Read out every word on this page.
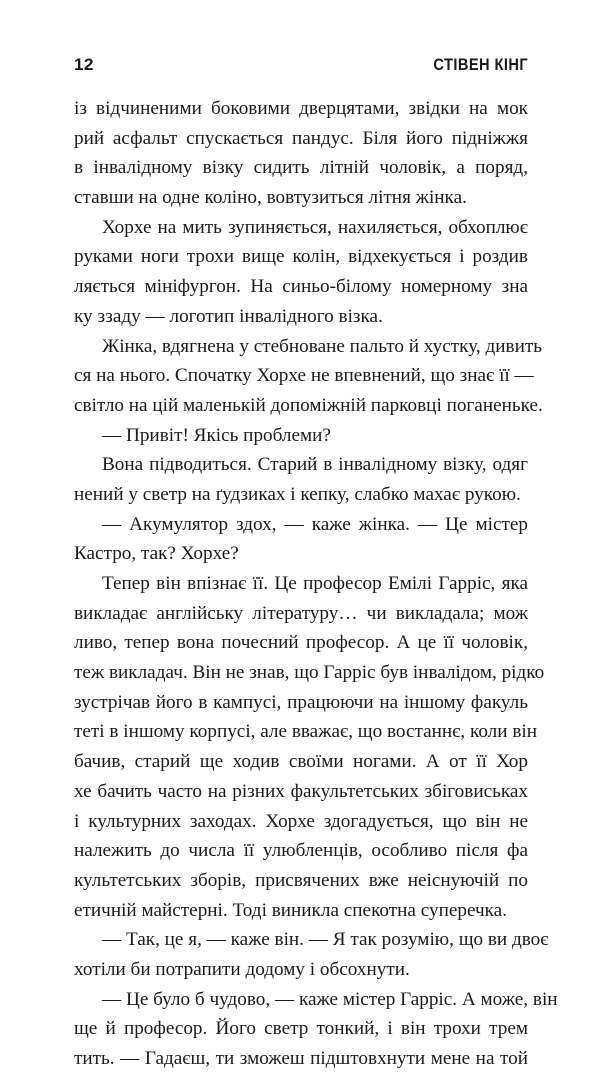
12	СТІВЕН КІНГ
із відчиненими боковими дверцятами, звідки на мок
рий асфальт спускається пандус. Біля його підніжжя
в інвалідному візку сидить літній чоловік, а поряд,
ставши на одне коліно, вовтузиться літня жінка.
Хорхе на мить зупиняється, нахиляється, обхоплює
руками ноги трохи вище колін, відхекується і роздив
ляється мініфургон. На синьо-білому номерному зна
ку ззаду — логотип інвалідного візка.
Жінка, вдягнена у стебноване пальто й хустку, дивить
ся на нього. Спочатку Хорхе не впевнений, що знає її —
світло на цій маленькій допоміжній парковці поганеньке.
— Привіт! Якісь проблеми?
Вона підводиться. Старий в інвалідному візку, одяг
нений у светр на ґудзиках і кепку, слабко махає рукою.
— Акумулятор здох, — каже жінка. — Це містер
Кастро, так? Хорхе?
Тепер він впізнає її. Це професор Емілі Гарріс, яка
викладає англійську літературу… чи викладала; мож
ливо, тепер вона почесний професор. А це її чоловік,
теж викладач. Він не знав, що Гарріс був інвалідом, рідко
зустрічав його в кампусі, працюючи на іншому факуль
теті в іншому корпусі, але вважає, що востаннє, коли він
бачив, старий ще ходив своїми ногами. А от її Хор
хе бачить часто на різних факультетських збіговиськах
і культурних заходах. Хорхе здогадується, що він не
належить до числа її улюбленців, особливо після фа
культетських зборів, присвячених вже неіснуючій по
етичній майстерні. Тоді виникла спекотна суперечка.
— Так, це я, — каже він. — Я так розумію, що ви двоє
хотіли би потрапити додому і обсохнути.
— Це було б чудово, — каже містер Гарріс. А може, він
ще й професор. Його светр тонкий, і він трохи трем
тить. — Гадаєш, ти зможеш підштовхнути мене на той
